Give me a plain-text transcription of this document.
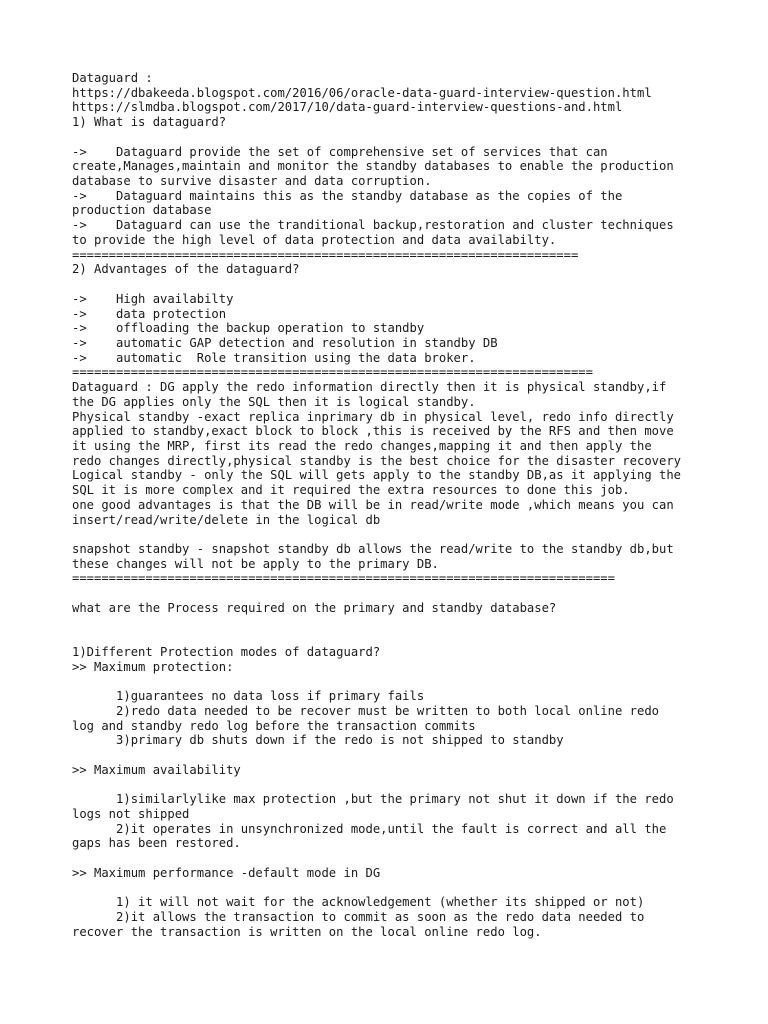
Dataguard :
https://dbakeeda.blogspot.com/2016/06/oracle-data-guard-interview-question.html
https://slmdba.blogspot.com/2017/10/data-guard-interview-questions-and.html
1) What is dataguard?
->    Dataguard provide the set of comprehensive set of services that can
create,Manages,maintain and monitor the standby databases to enable the production
database to survive disaster and data corruption.
->    Dataguard maintains this as the standby database as the copies of the
production database
->    Dataguard can use the tranditional backup,restoration and cluster techniques
to provide the high level of data protection and data availabilty.
=====================================================================
2) Advantages of the dataguard?
->    High availabilty
->    data protection
->    offloading the backup operation to standby
->    automatic GAP detection and resolution in standby DB
->    automatic  Role transition using the data broker.
=======================================================================
Dataguard : DG apply the redo information directly then it is physical standby,if
the DG applies only the SQL then it is logical standby.
Physical standby -exact replica inprimary db in physical level, redo info directly
applied to standby,exact block to block ,this is received by the RFS and then move
it using the MRP, first its read the redo changes,mapping it and then apply the
redo changes directly,physical standby is the best choice for the disaster recovery
Logical standby - only the SQL will gets apply to the standby DB,as it applying the
SQL it is more complex and it required the extra resources to done this job.
one good advantages is that the DB will be in read/write mode ,which means you can
insert/read/write/delete in the logical db
snapshot standby - snapshot standby db allows the read/write to the standby db,but
these changes will not be apply to the primary DB.
==========================================================================
what are the Process required on the primary and standby database?
1)Different Protection modes of dataguard?
>> Maximum protection:
1)guarantees no data loss if primary fails
2)redo data needed to be recover must be written to both local online redo
log and standby redo log before the transaction commits
3)primary db shuts down if the redo is not shipped to standby
>> Maximum availability
1)similarlylike max protection ,but the primary not shut it down if the redo
logs not shipped
2)it operates in unsynchronized mode,until the fault is correct and all the
gaps has been restored.
>> Maximum performance -default mode in DG
1) it will not wait for the acknowledgement (whether its shipped or not)
2)it allows the transaction to commit as soon as the redo data needed to
recover the transaction is written on the local online redo log.
